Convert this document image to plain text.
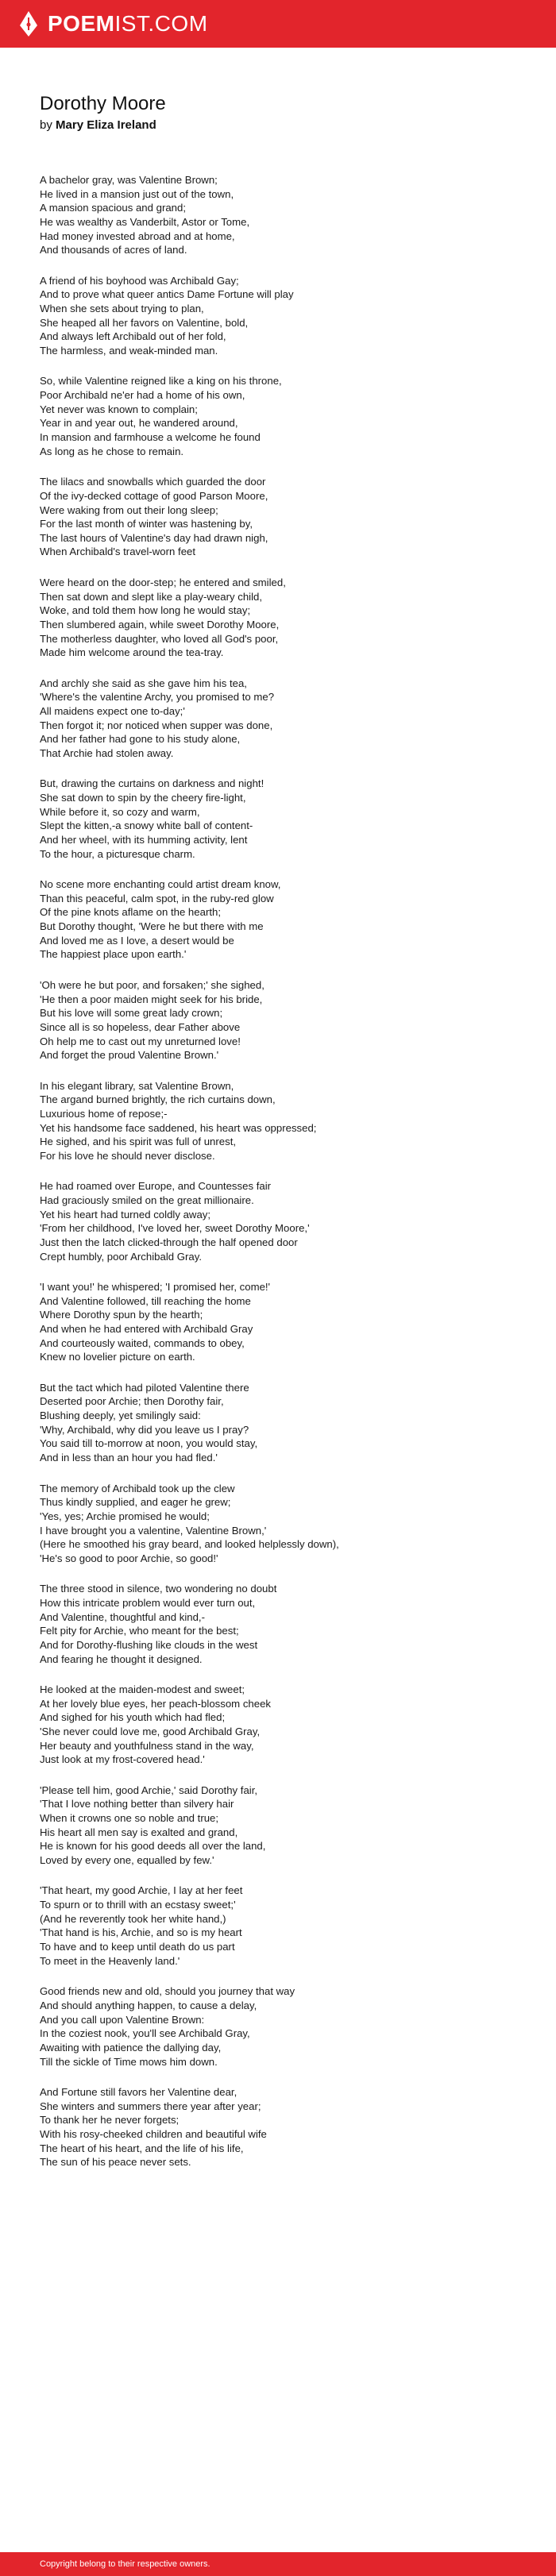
POEMIST.COM
Dorothy Moore
by Mary Eliza Ireland
A bachelor gray, was Valentine Brown;
He lived in a mansion just out of the town,
A mansion spacious and grand;
He was wealthy as Vanderbilt, Astor or Tome,
Had money invested abroad and at home,
And thousands of acres of land.
A friend of his boyhood was Archibald Gay;
And to prove what queer antics Dame Fortune will play
When she sets about trying to plan,
She heaped all her favors on Valentine, bold,
And always left Archibald out of her fold,
The harmless, and weak-minded man.
So, while Valentine reigned like a king on his throne,
Poor Archibald ne'er had a home of his own,
Yet never was known to complain;
Year in and year out, he wandered around,
In mansion and farmhouse a welcome he found
As long as he chose to remain.
The lilacs and snowballs which guarded the door
Of the ivy-decked cottage of good Parson Moore,
Were waking from out their long sleep;
For the last month of winter was hastening by,
The last hours of Valentine's day had drawn nigh,
When Archibald's travel-worn feet
Were heard on the door-step; he entered and smiled,
Then sat down and slept like a play-weary child,
Woke, and told them how long he would stay;
Then slumbered again, while sweet Dorothy Moore,
The motherless daughter, who loved all God's poor,
Made him welcome around the tea-tray.
And archly she said as she gave him his tea,
'Where's the valentine Archy, you promised to me?
All maidens expect one to-day;'
Then forgot it; nor noticed when supper was done,
And her father had gone to his study alone,
That Archie had stolen away.
But, drawing the curtains on darkness and night!
She sat down to spin by the cheery fire-light,
While before it, so cozy and warm,
Slept the kitten,-a snowy white ball of content-
And her wheel, with its humming activity, lent
To the hour, a picturesque charm.
No scene more enchanting could artist dream know,
Than this peaceful, calm spot, in the ruby-red glow
Of the pine knots aflame on the hearth;
But Dorothy thought, 'Were he but there with me
And loved me as I love, a desert would be
The happiest place upon earth.'
'Oh were he but poor, and forsaken;' she sighed,
'He then a poor maiden might seek for his bride,
But his love will some great lady crown;
Since all is so hopeless, dear Father above
Oh help me to cast out my unreturned love!
And forget the proud Valentine Brown.'
In his elegant library, sat Valentine Brown,
The argand burned brightly, the rich curtains down,
Luxurious home of repose;-
Yet his handsome face saddened, his heart was oppressed;
He sighed, and his spirit was full of unrest,
For his love he should never disclose.
He had roamed over Europe, and Countesses fair
Had graciously smiled on the great millionaire.
Yet his heart had turned coldly away;
'From her childhood, I've loved her, sweet Dorothy Moore,'
Just then the latch clicked-through the half opened door
Crept humbly, poor Archibald Gray.
'I want you!' he whispered; 'I promised her, come!'
And Valentine followed, till reaching the home
Where Dorothy spun by the hearth;
And when he had entered with Archibald Gray
And courteously waited, commands to obey,
Knew no lovelier picture on earth.
But the tact which had piloted Valentine there
Deserted poor Archie; then Dorothy fair,
Blushing deeply, yet smilingly said:
'Why, Archibald, why did you leave us I pray?
You said till to-morrow at noon, you would stay,
And in less than an hour you had fled.'
The memory of Archibald took up the clew
Thus kindly supplied, and eager he grew;
'Yes, yes; Archie promised he would;
I have brought you a valentine, Valentine Brown,'
(Here he smoothed his gray beard, and looked helplessly down),
'He's so good to poor Archie, so good!'
The three stood in silence, two wondering no doubt
How this intricate problem would ever turn out,
And Valentine, thoughtful and kind,-
Felt pity for Archie, who meant for the best;
And for Dorothy-flushing like clouds in the west
And fearing he thought it designed.
He looked at the maiden-modest and sweet;
At her lovely blue eyes, her peach-blossom cheek
And sighed for his youth which had fled;
'She never could love me, good Archibald Gray,
Her beauty and youthfulness stand in the way,
Just look at my frost-covered head.'
'Please tell him, good Archie,' said Dorothy fair,
'That I love nothing better than silvery hair
When it crowns one so noble and true;
His heart all men say is exalted and grand,
He is known for his good deeds all over the land,
Loved by every one, equalled by few.'
'That heart, my good Archie, I lay at her feet
To spurn or to thrill with an ecstasy sweet;'
(And he reverently took her white hand,)
'That hand is his, Archie, and so is my heart
To have and to keep until death do us part
To meet in the Heavenly land.'
Good friends new and old, should you journey that way
And should anything happen, to cause a delay,
And you call upon Valentine Brown:
In the coziest nook, you'll see Archibald Gray,
Awaiting with patience the dallying day,
Till the sickle of Time mows him down.
And Fortune still favors her Valentine dear,
She winters and summers there year after year;
To thank her he never forgets;
With his rosy-cheeked children and beautiful wife
The heart of his heart, and the life of his life,
The sun of his peace never sets.
Copyright belong to their respective owners.
